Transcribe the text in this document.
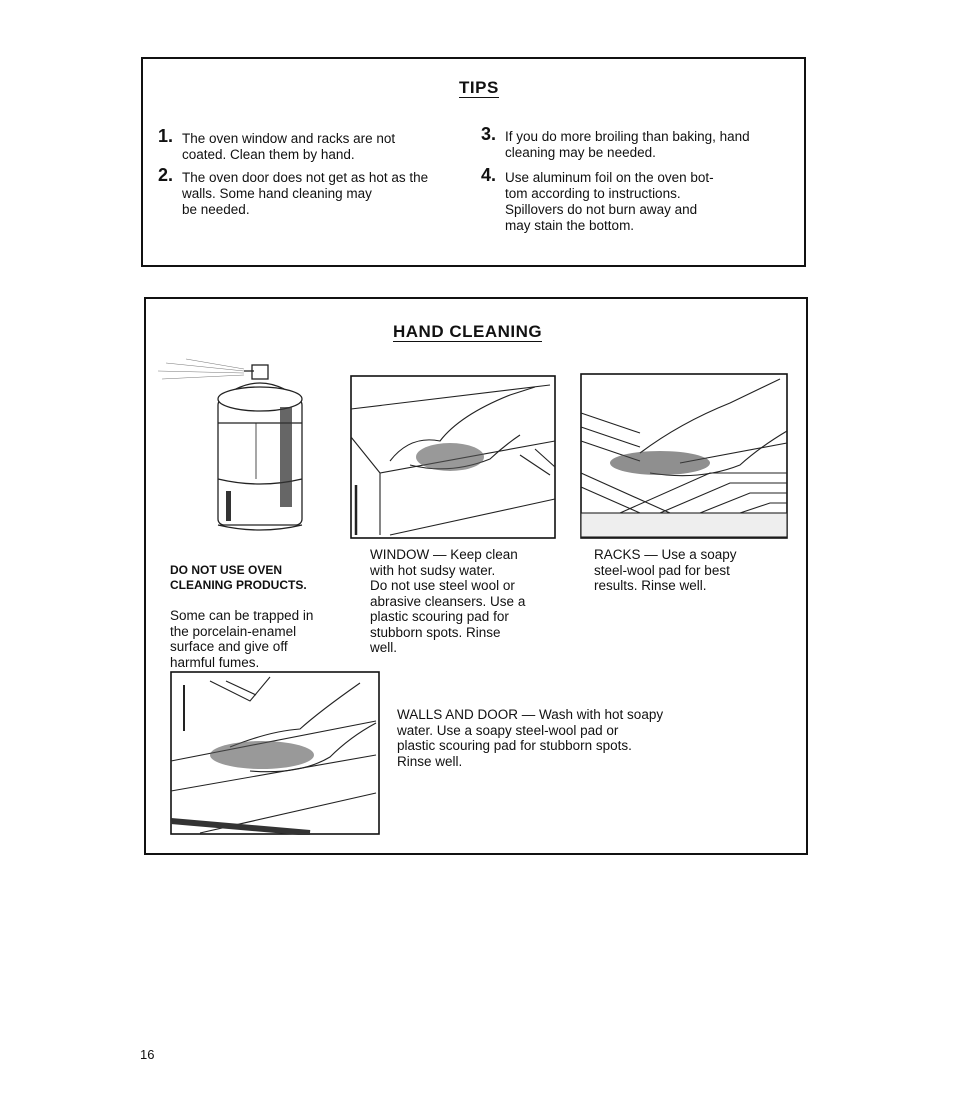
TIPS
1. The oven window and racks are not
coated. Clean them by hand.
2. The oven door does not get as hot as the
walls. Some hand cleaning may
be needed.
3. If you do more broiling than baking, hand
cleaning may be needed.
4. Use aluminum foil on the oven bot-
tom according to instructions.
Spillovers do not burn away and
may stain the bottom.
HAND CLEANING

DO NOT USE OVEN
CLEANING PRODUCTS.

Some can be trapped in
the porcelain-enamel
surface and give off
harmful fumes.

WINDOW — Keep clean
with hot sudsy water.
Do not use steel wool or
abrasive cleansers. Use a
plastic scouring pad for
stubborn spots. Rinse
well.
RACKS — Use a soapy
steel-wool pad for best
results. Rinse well.
WALLS AND DOOR — Wash with hot soapy
water. Use a soapy steel-wool pad or
plastic scouring pad for stubborn spots.
Rinse well.
16
